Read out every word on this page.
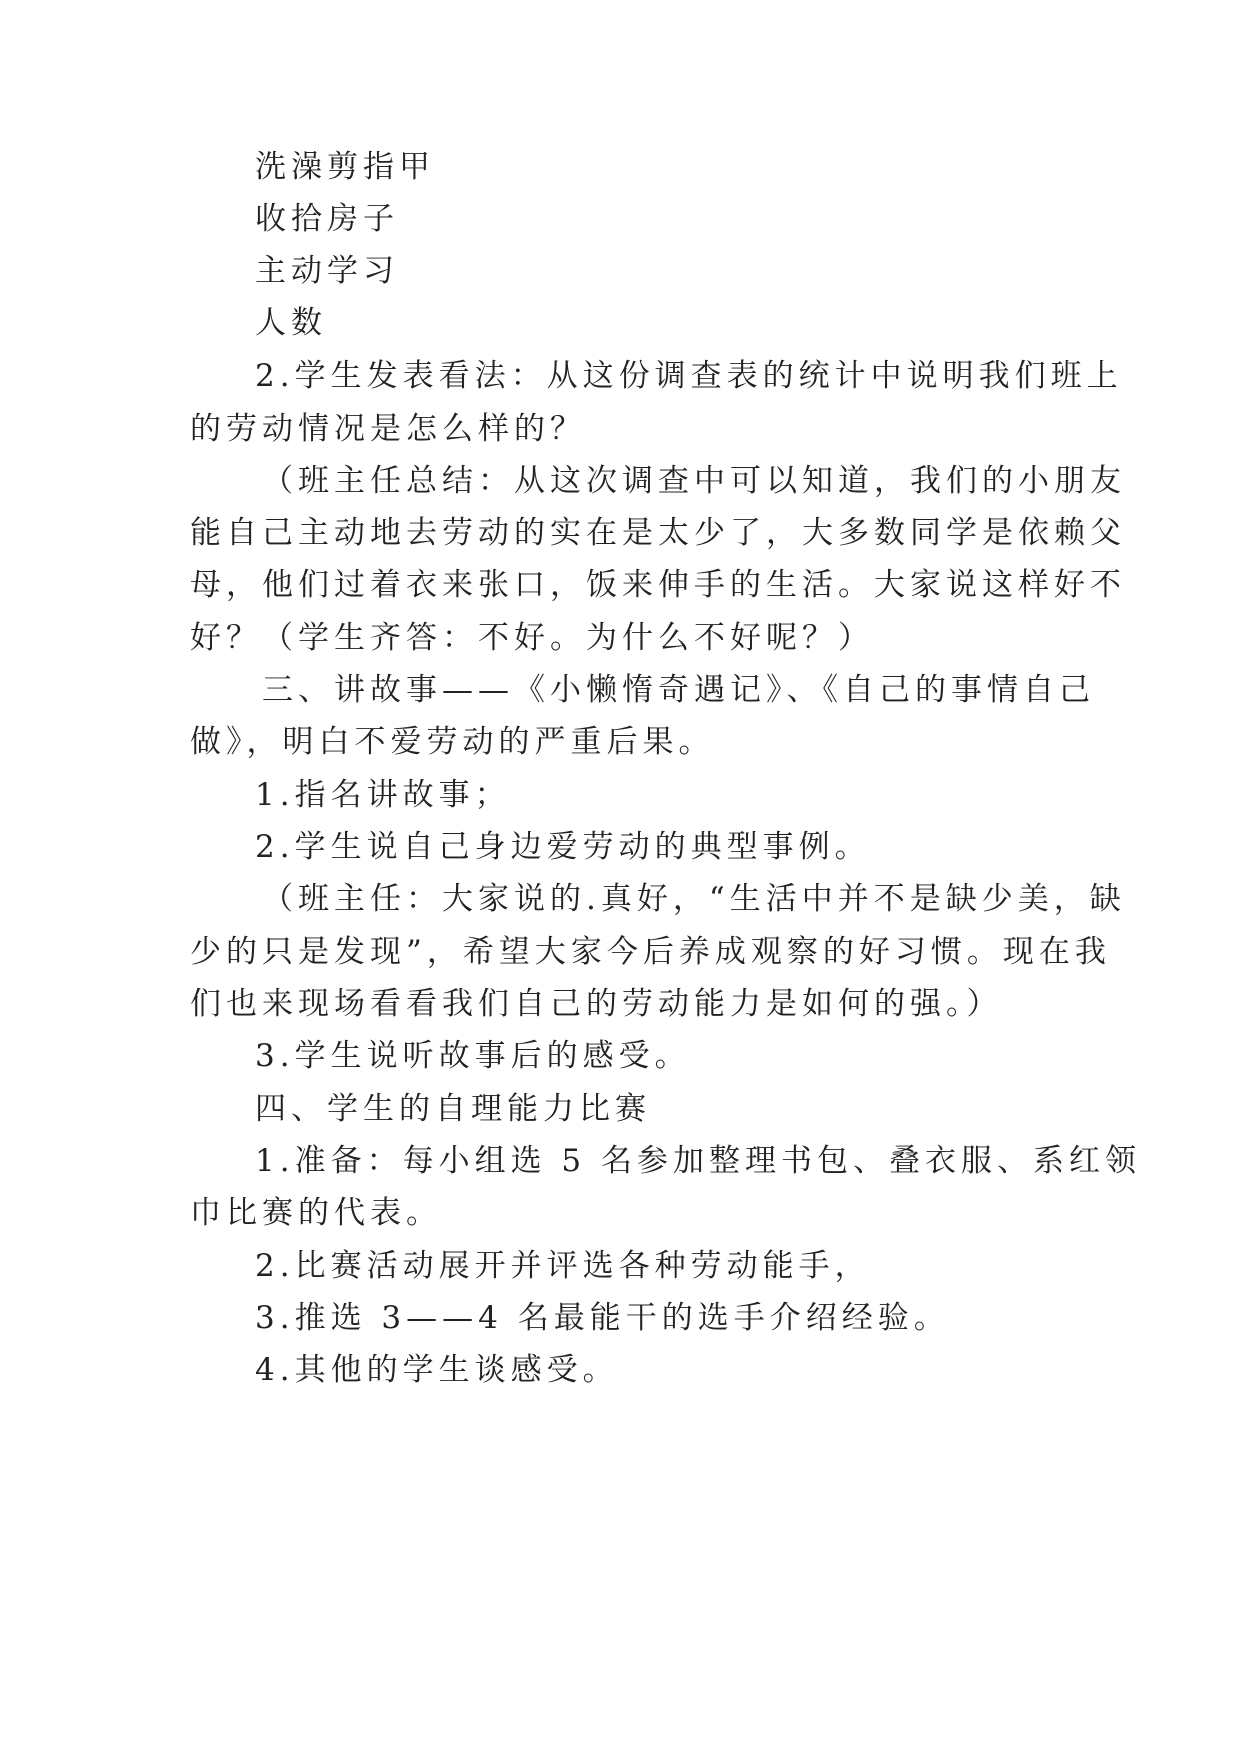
洗澡剪指甲
收拾房子
主动学习
人数
2.学生发表看法：从这份调查表的统计中说明我们班上
的劳动情况是怎么样的？
（班主任总结：从这次调查中可以知道，我们的小朋友
能自己主动地去劳动的实在是太少了，大多数同学是依赖父
母，他们过着衣来张口，饭来伸手的生活。大家说这样好不
好？（学生齐答：不好。为什么不好呢？）
三、讲故事——《小懒惰奇遇记》、《自己的事情自己
做》，明白不爱劳动的严重后果。
1.指名讲故事；
2.学生说自己身边爱劳动的典型事例。
（班主任：大家说的.真好，“生活中并不是缺少美，缺
少的只是发现”，希望大家今后养成观察的好习惯。现在我
们也来现场看看我们自己的劳动能力是如何的强。）
3.学生说听故事后的感受。
四、学生的自理能力比赛
1.准备：每小组选 5 名参加整理书包、叠衣服、系红领
巾比赛的代表。
2.比赛活动展开并评选各种劳动能手，
3.推选 3——4 名最能干的选手介绍经验。
4.其他的学生谈感受。
